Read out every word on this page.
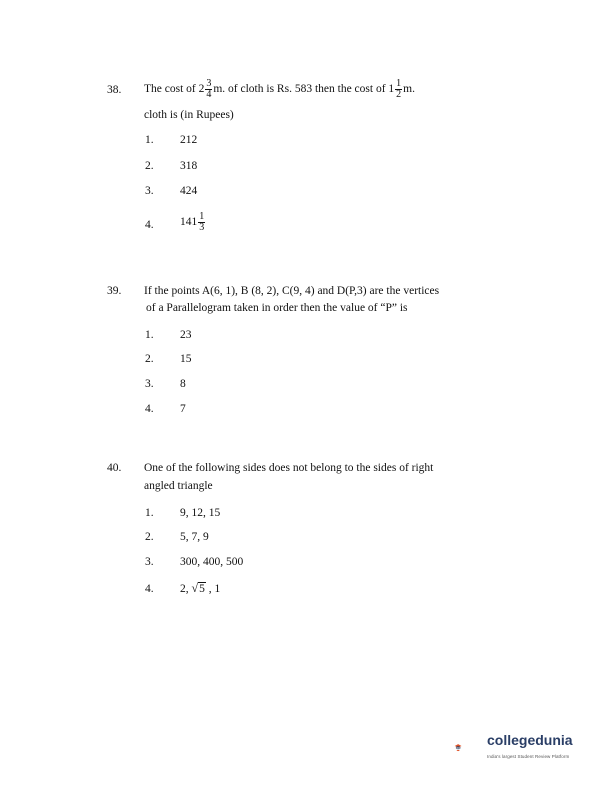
38. The cost of $2 \frac{3}{4} m$. of cloth is Rs. 583 then the cost of $1 \frac{1}{2} m$.
cloth is (in Rupees)
1. 212
2. 318
3. 424
4. $141 \frac{1}{3}$
39. If the points A(6, 1), B (8, 2), C(9, 4) and D(P,3) are the vertices
of a Parallelogram taken in order then the value of “P” is
1. 23
2. 15
3. 8
4. 7
40. One of the following sides does not belong to the sides of right
angled triangle
1. 9, 12, 15
2. 5, 7, 9
3. 300, 400, 500
4. 2, √5 , 1
collegedunia
India's largest Student Review Platform
